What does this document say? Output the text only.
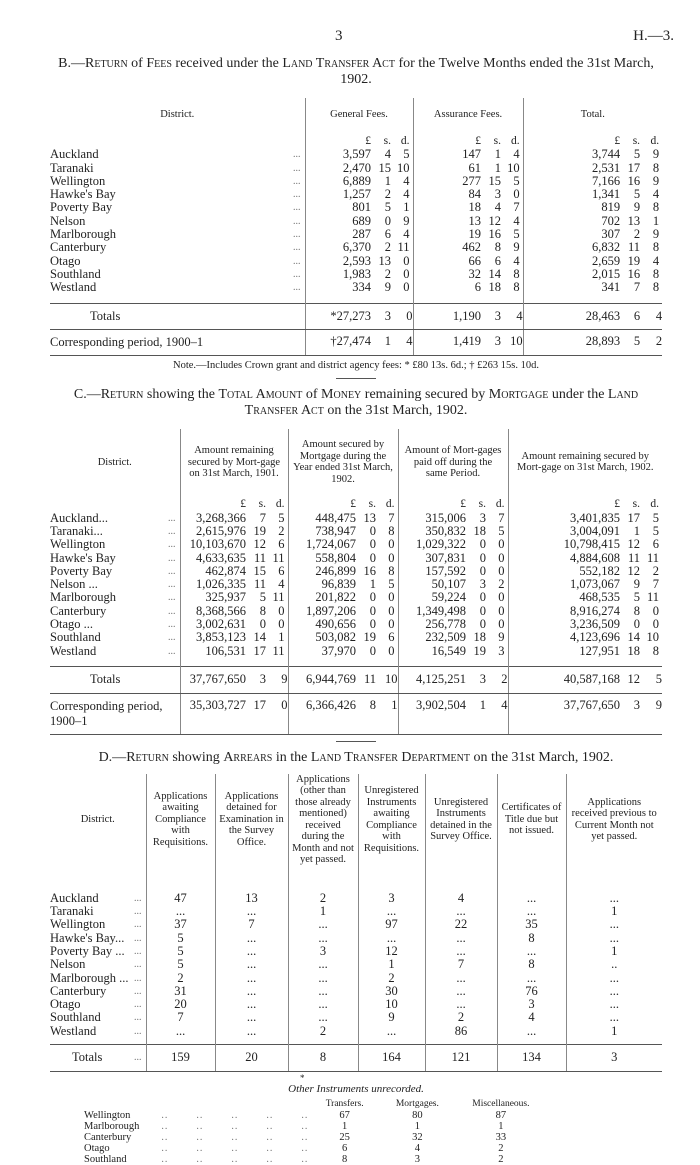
3	H.—3.
B.—Return of Fees received under the Land Transfer Act for the Twelve Months ended the 31st March, 1902.
District.		General Fees.			Assurance Fees.			Total.		
		£	s.	d.	£	s.	d.	£	s.	d.
Auckland	...	3,597	4	5	147	1	4	3,744	5	9
Taranaki	...	2,470	15	10	61	1	10	2,531	17	8
Wellington	...	6,889	1	4	277	15	5	7,166	16	9
Hawke's Bay	...	1,257	2	4	84	3	0	1,341	5	4
Poverty Bay	...	801	5	1	18	4	7	819	9	8
Nelson	...	689	0	9	13	12	4	702	13	1
Marlborough	...	287	6	4	19	16	5	307	2	9
Canterbury	...	6,370	2	11	462	8	9	6,832	11	8
Otago	...	2,593	13	0	66	6	4	2,659	19	4
Southland	...	1,983	2	0	32	14	8	2,015	16	8
Westland	...	334	9	0	6	18	8	341	7	8

Totals		*27,273	3	0	1,190	3	4	28,463	6	4
Corresponding period, 1900–1		†27,474	1	4	1,419	3	10	28,893	5	2
Note.—Includes Crown grant and district agency fees: * £80 13s. 6d.; † £263 15s. 10d.
C.—Return showing the Total Amount of Money remaining secured by Mortgage under the Land Transfer Act on the 31st March, 1902.
District.		Amount remaining secured by Mort-gage on 31st March, 1901.			Amount secured by Mortgage during the Year ended 31st March, 1902.			Amount of Mort-gages paid off during the same Period.			Amount remaining secured by Mort-gage on 31st March, 1902.		
		£	s.	d.	£	s.	d.	£	s.	d.	£	s.	d.
Auckland...	...	3,268,366	7	5	448,475	13	7	315,006	3	7	3,401,835	17	5
Taranaki...	...	2,615,976	19	2	738,947	0	8	350,832	18	5	3,004,091	1	5
Wellington	...	10,103,670	12	6	1,724,067	0	0	1,029,322	0	0	10,798,415	12	6
Hawke's Bay	...	4,633,635	11	11	558,804	0	0	307,831	0	0	4,884,608	11	11
Poverty Bay	...	462,874	15	6	246,899	16	8	157,592	0	0	552,182	12	2
Nelson ...	...	1,026,335	11	4	96,839	1	5	50,107	3	2	1,073,067	9	7
Marlborough	...	325,937	5	11	201,822	0	0	59,224	0	0	468,535	5	11
Canterbury	...	8,368,566	8	0	1,897,206	0	0	1,349,498	0	0	8,916,274	8	0
Otago ...	...	3,002,631	0	0	490,656	0	0	256,778	0	0	3,236,509	0	0
Southland	...	3,853,123	14	1	503,082	19	6	232,509	18	9	4,123,696	14	10
Westland	...	106,531	17	11	37,970	0	0	16,549	19	3	127,951	18	8

Totals		37,767,650	3	9	6,944,769	11	10	4,125,251	3	2	40,587,168	12	5
Corresponding period, 1900–1		35,303,727	17	0	6,366,426	8	1	3,902,504	1	4	37,767,650	3	9
D.—Return showing Arrears in the Land Transfer Department on the 31st March, 1902.
District.		Applications awaiting Compliance with Requisitions.	Applications detained for Examination in the Survey Office.	Applications (other than those already mentioned) received during the Month and not yet passed.	Unregistered Instruments awaiting Compliance with Requisitions.	Unregistered Instruments detained in the Survey Office.	Certificates of Title due but not issued.	Applications received previous to Current Month not yet passed.

Auckland	...	47	13	2	3	4	...	...
Taranaki	...	...	...	1	...	...	...	1
Wellington	...	37	7	...	97	22	35	...
Hawke's Bay...	...	5	...	...	...	...	8	...
Poverty Bay ...	...	5	...	3	12	...	...	1
Nelson	...	5	...	...	1	7	8	..
Marlborough ...	...	2	...	...	2	...	...	...
Canterbury	...	31	...	...	30	...	76	...
Otago	...	20	...	...	10	...	3	...
Southland	...	7	...	...	9	2	4	...
Westland	...	...	...	2	...	86	...	1

Totals	...	159	20	8	164	121	134	3
*
Other Instruments unrecorded.
		Transfers.	Mortgages.	Miscellaneous.
Wellington	..        ..        ..        ..        ..	67	80	87
Marlborough	..        ..        ..        ..        ..	1	1	1
Canterbury	..        ..        ..        ..        ..	25	32	33
Otago	..        ..        ..        ..        ..	6	4	2
Southland	..        ..        ..        ..        ..	8	3	2
